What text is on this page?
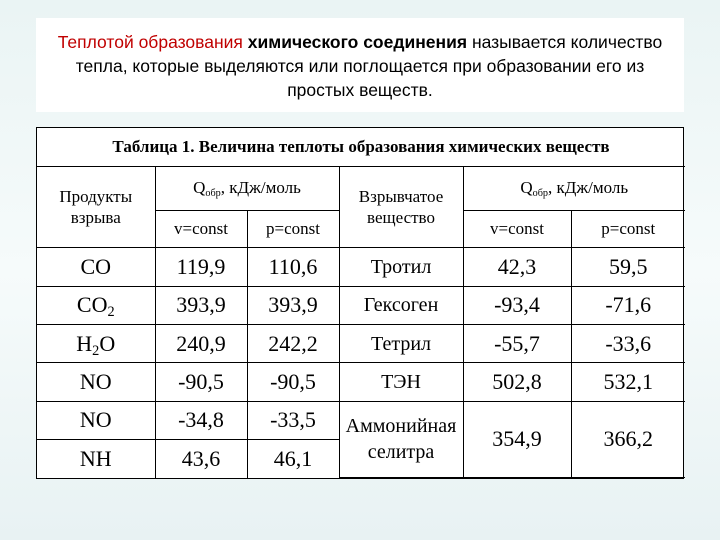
Теплотой образования химического соединения называется количество тепла, которые выделяются или поглощается при образовании его из простых веществ.
Таблица 1. Величина теплоты образования химических веществ					
Продукты взрыва	Qобр, кДж/моль		Взрывчатое вещество	Qобр, кДж/моль	
	v=const	p=const		v=const	p=const
CO	119,9	110,6	Тротил	42,3	59,5
$CO_2$	393,9	393,9	Гексоген	-93,4	-71,6
$H_2O$	240,9	242,2	Тетрил	-55,7	-33,6
NO	-90,5	-90,5	ТЭН	502,8	532,1
NO	-34,8	-33,5	Аммонийная селитра	354,9	366,2
NH	43,6	46,1			
